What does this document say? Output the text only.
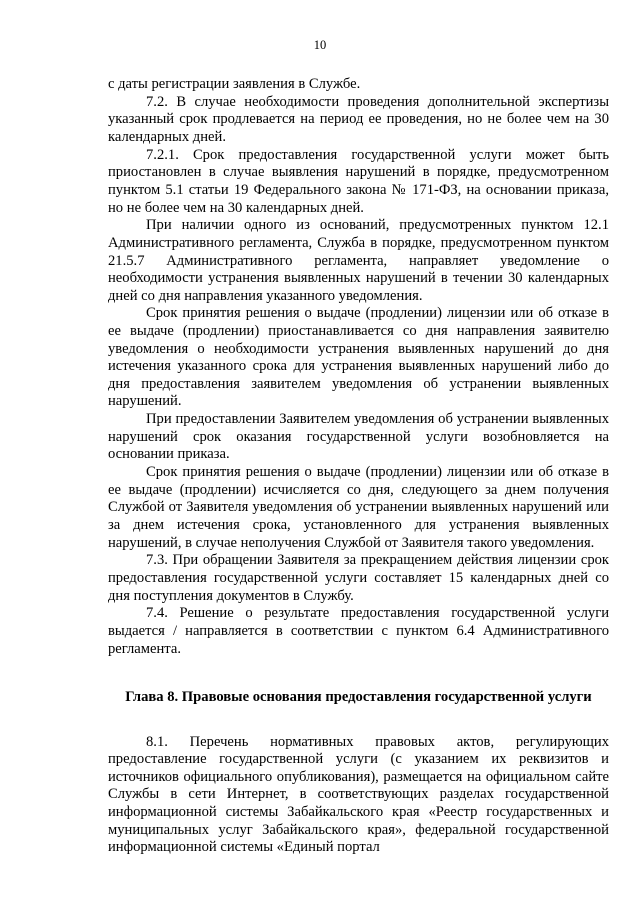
10

с даты регистрации заявления в Службе.

7.2. В случае необходимости проведения дополнительной экспертизы указанный срок продлевается на период ее проведения, но не более чем на 30 календарных дней.

7.2.1. Срок предоставления государственной услуги может быть приостановлен в случае выявления нарушений в порядке, предусмотренном пунктом 5.1 статьи 19 Федерального закона № 171-ФЗ, на основании приказа, но не более чем на 30 календарных дней.

При наличии одного из оснований, предусмотренных пунктом 12.1 Административного регламента, Служба в порядке, предусмотренном пунктом 21.5.7 Административного регламента, направляет уведомление о необходимости устранения выявленных нарушений в течении 30 календарных дней со дня направления указанного уведомления.

Срок принятия решения о выдаче (продлении) лицензии или об отказе в ее выдаче (продлении) приостанавливается со дня направления заявителю уведомления о необходимости устранения выявленных нарушений до дня истечения указанного срока для устранения выявленных нарушений либо до дня предоставления заявителем уведомления об устранении выявленных нарушений.

При предоставлении Заявителем уведомления об устранении выявленных нарушений срок оказания государственной услуги возобновляется на основании приказа.

Срок принятия решения о выдаче (продлении) лицензии или об отказе в ее выдаче (продлении) исчисляется со дня, следующего за днем получения Службой от Заявителя уведомления об устранении выявленных нарушений или за днем истечения срока, установленного для устранения выявленных нарушений, в случае неполучения Службой от Заявителя такого уведомления.

7.3. При обращении Заявителя за прекращением действия лицензии срок предоставления государственной услуги составляет 15 календарных дней со дня поступления документов в Службу.

7.4. Решение о результате предоставления государственной услуги выдается / направляется в соответствии с пунктом 6.4 Административного регламента.

Глава 8. Правовые основания предоставления государственной услуги

8.1. Перечень нормативных правовых актов, регулирующих предоставление государственной услуги (с указанием их реквизитов и источников официального опубликования), размещается на официальном сайте Службы в сети Интернет, в соответствующих разделах государственной информационной системы Забайкальского края «Реестр государственных и муниципальных услуг Забайкальского края», федеральной государственной информационной системы «Единый портал
